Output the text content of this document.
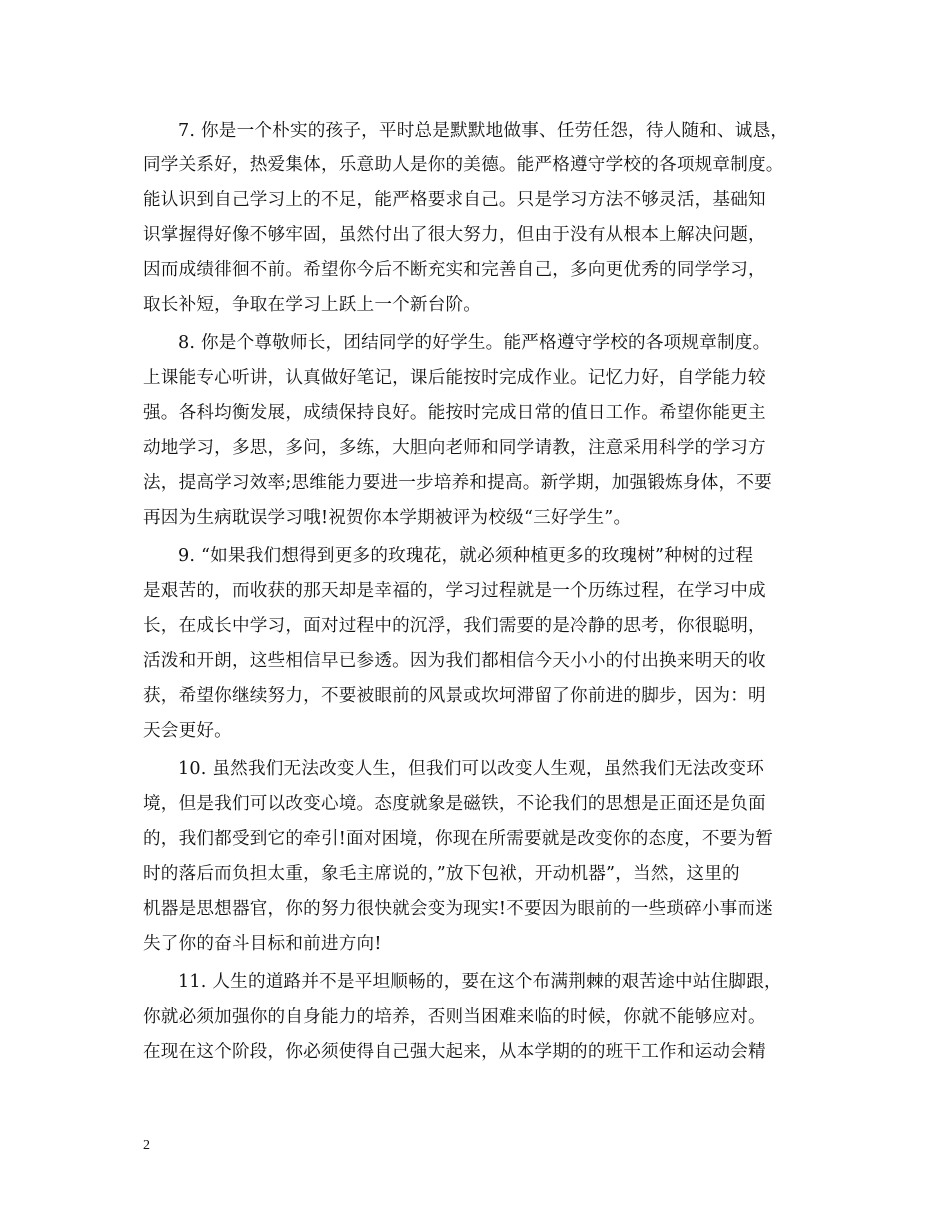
7. 你是一个朴实的孩子，平时总是默默地做事、任劳任怨，待人随和、诚恳，
同学关系好，热爱集体，乐意助人是你的美德。能严格遵守学校的各项规章制度。
能认识到自己学习上的不足，能严格要求自己。只是学习方法不够灵活，基础知
识掌握得好像不够牢固，虽然付出了很大努力，但由于没有从根本上解决问题，
因而成绩徘徊不前。希望你今后不断充实和完善自己，多向更优秀的同学学习，
取长补短，争取在学习上跃上一个新台阶。
8. 你是个尊敬师长，团结同学的好学生。能严格遵守学校的各项规章制度。
上课能专心听讲，认真做好笔记，课后能按时完成作业。记忆力好，自学能力较
强。各科均衡发展，成绩保持良好。能按时完成日常的值日工作。希望你能更主
动地学习，多思，多问，多练，大胆向老师和同学请教，注意采用科学的学习方
法，提高学习效率;思维能力要进一步培养和提高。新学期，加强锻炼身体，不要
再因为生病耽误学习哦!祝贺你本学期被评为校级“三好学生”。
9. “如果我们想得到更多的玫瑰花，就必须种植更多的玫瑰树”种树的过程
是艰苦的，而收获的那天却是幸福的，学习过程就是一个历练过程，在学习中成
长，在成长中学习，面对过程中的沉浮，我们需要的是冷静的思考，你很聪明，
活泼和开朗，这些相信早已参透。因为我们都相信今天小小的付出换来明天的收
获，希望你继续努力，不要被眼前的风景或坎坷滞留了你前进的脚步，因为：明
天会更好。
10. 虽然我们无法改变人生，但我们可以改变人生观，虽然我们无法改变环
境，但是我们可以改变心境。态度就象是磁铁，不论我们的思想是正面还是负面
的，我们都受到它的牵引!面对困境，你现在所需要就是改变你的态度，不要为暂
时的落后而负担太重，象毛主席说的，”放下包袱，开动机器”，当然，这里的
机器是思想器官，你的努力很快就会变为现实!不要因为眼前的一些琐碎小事而迷
失了你的奋斗目标和前进方向!
11. 人生的道路并不是平坦顺畅的，要在这个布满荆棘的艰苦途中站住脚跟，
你就必须加强你的自身能力的培养，否则当困难来临的时候，你就不能够应对。
在现在这个阶段，你必须使得自己强大起来，从本学期的的班干工作和运动会精
2
